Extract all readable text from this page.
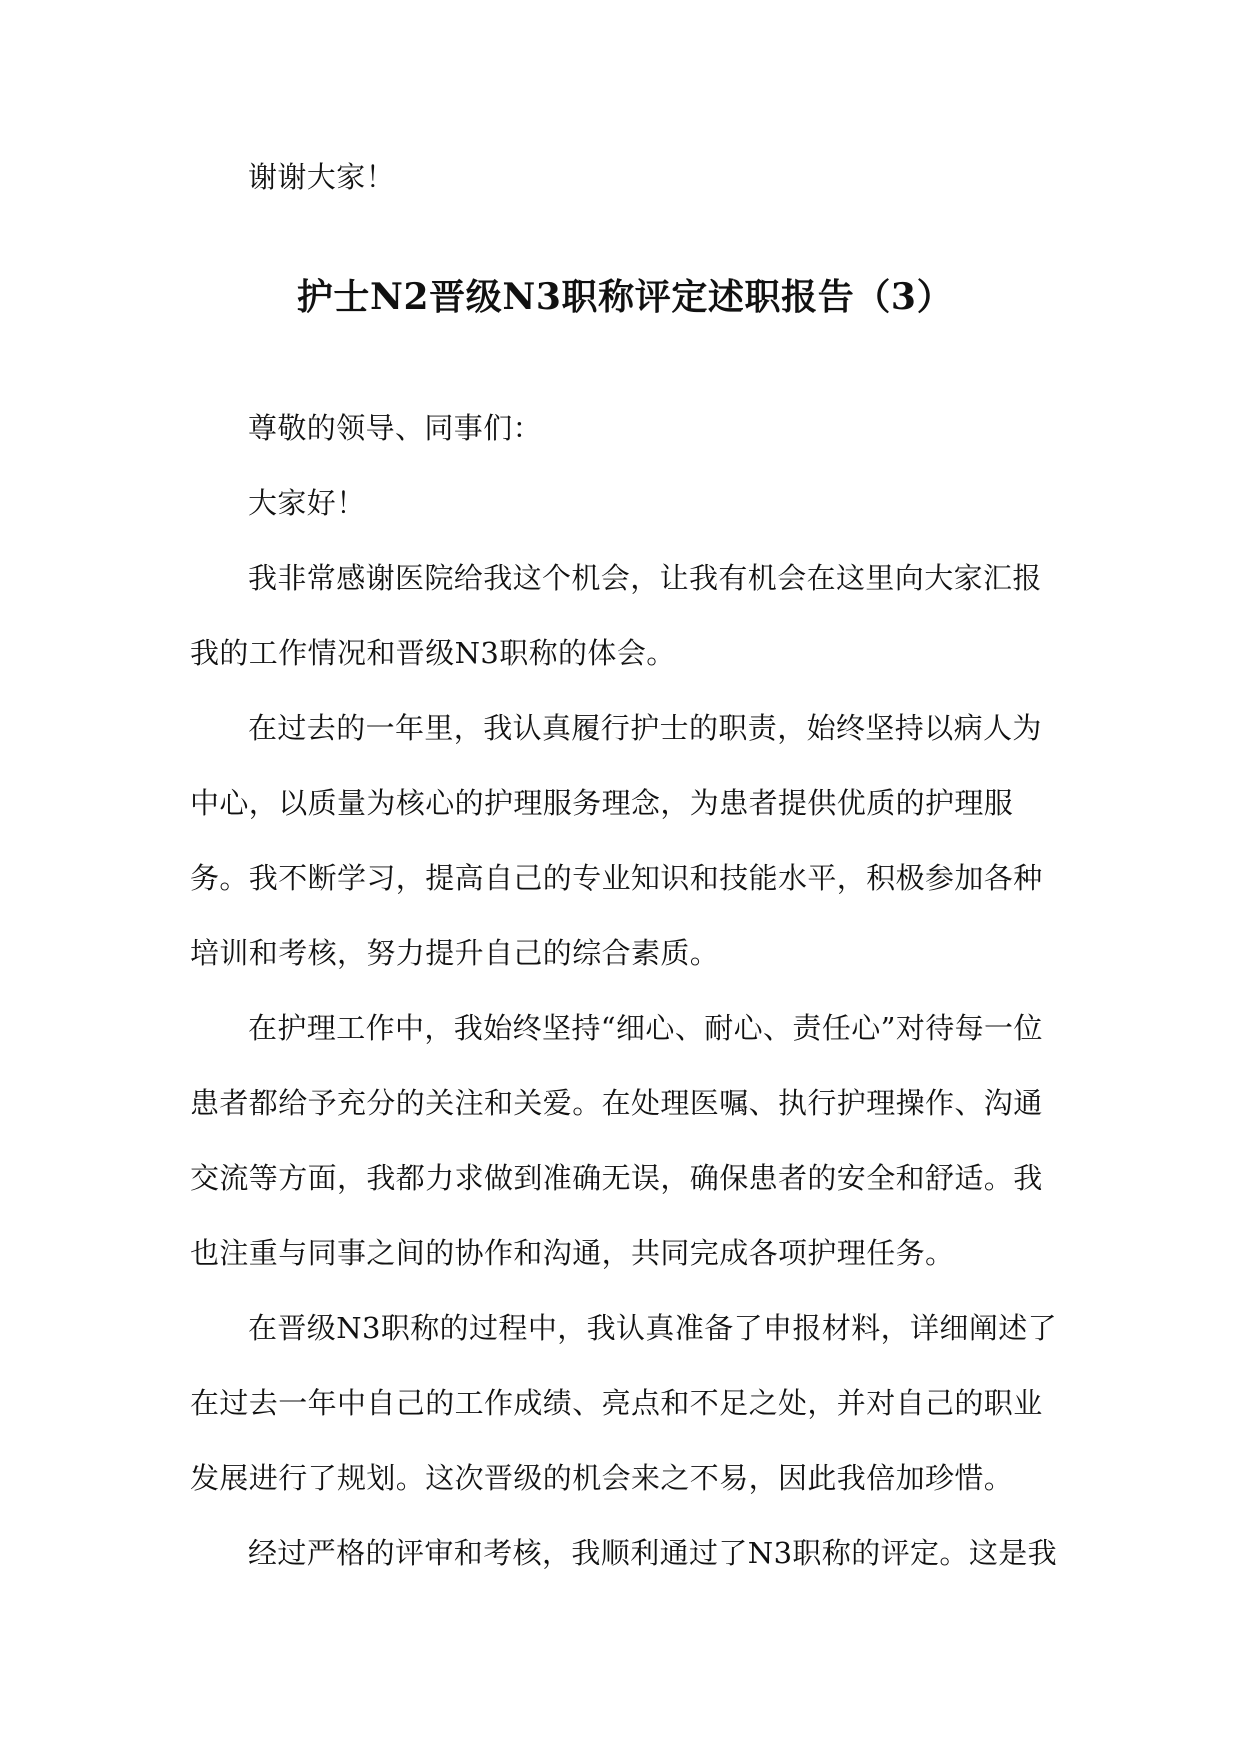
谢谢大家！

护士N2晋级N3职称评定述职报告（3）

尊敬的领导、同事们：

大家好！

我非常感谢医院给我这个机会，让我有机会在这里向大家汇报我的工作情况和晋级N3职称的体会。

在过去的一年里，我认真履行护士的职责，始终坚持以病人为中心，以质量为核心的护理服务理念，为患者提供优质的护理服务。我不断学习，提高自己的专业知识和技能水平，积极参加各种培训和考核，努力提升自己的综合素质。

在护理工作中，我始终坚持“细心、耐心、责任心”对待每一位患者都给予充分的关注和关爱。在处理医嘱、执行护理操作、沟通交流等方面，我都力求做到准确无误，确保患者的安全和舒适。我也注重与同事之间的协作和沟通，共同完成各项护理任务。

在晋级N3职称的过程中，我认真准备了申报材料，详细阐述了在过去一年中自己的工作成绩、亮点和不足之处，并对自己的职业发展进行了规划。这次晋级的机会来之不易，因此我倍加珍惜。

经过严格的评审和考核，我顺利通过了N3职称的评定。这是我
